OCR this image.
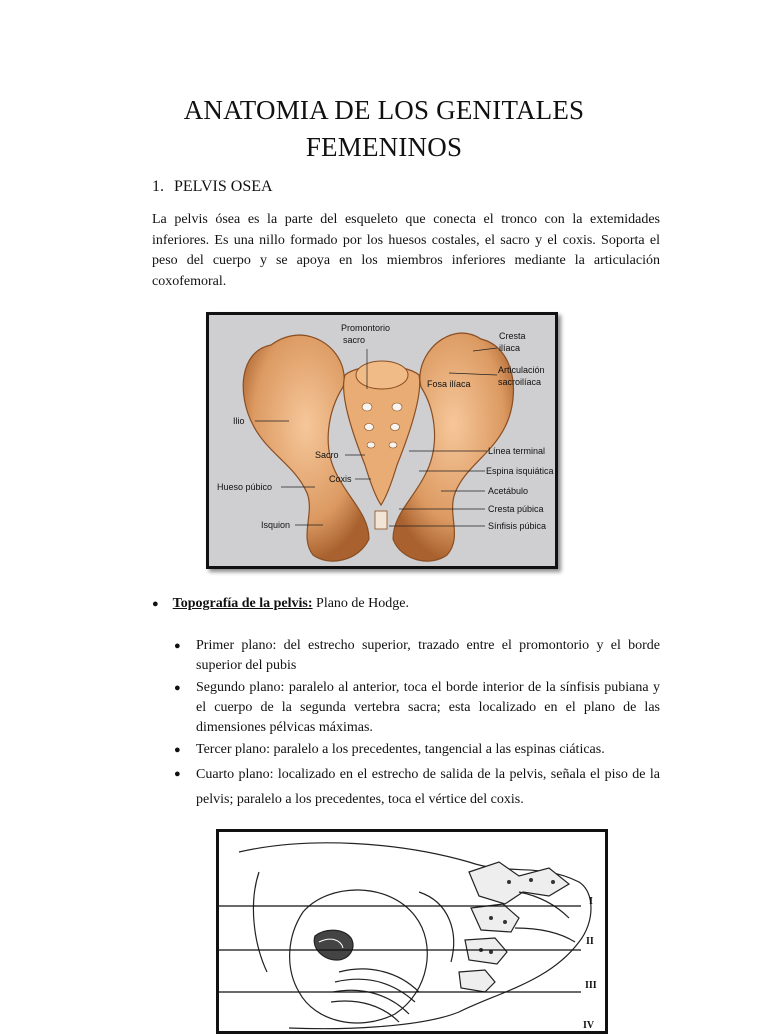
ANATOMIA DE LOS GENITALES
FEMENINOS
1. PELVIS OSEA
La pelvis ósea es la parte del esqueleto que conecta el tronco con la extemidades inferiores. Es una nillo formado por los huesos costales, el sacro y el coxis. Soporta el peso del cuerpo y se apoya en los miembros inferiores mediante la articulación coxofemoral.
Promontorio
sacro	Cresta
ilíaca
Articulación
sacroilíaca
Fosa ilíaca
Ilio
Línea terminal
Sacro
Espina isquiática
Coxis
Hueso púbico	Acetábulo
Cresta púbica
Isquion	Sínfisis púbica
● Topografía de la pelvis: Plano de Hodge.
● Primer plano: del estrecho superior, trazado entre el promontorio y el borde superior del pubis
● Segundo plano: paralelo al anterior, toca el borde interior de la sínfisis pubiana y el cuerpo de la segunda vertebra sacra; esta localizado en el plano de las dimensiones pélvicas máximas.
● Tercer plano: paralelo a los precedentes, tangencial a las espinas ciáticas.
● Cuarto plano: localizado en el estrecho de salida de la pelvis, señala el piso de la pelvis; paralelo a los precedentes, toca el vértice del coxis.
I
II
III
IV
